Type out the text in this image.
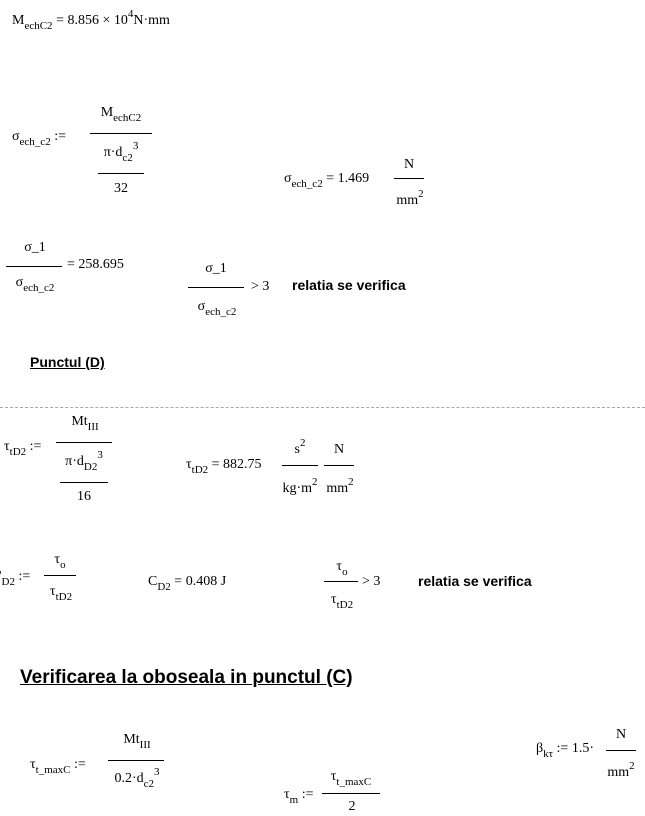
$M_{echC2} = 8.856 \times 10^4N\cdot mm$
$\sigma_{ech\_c2}$ :=
$M_{echC2}$
$\pi\cdot d_{c2}^3$
32
$\sigma_{ech\_c2} = 1.469$
N
$mm^2$
σ_1
$\sigma_{ech\_c2}$
= 258.695	σ_1
$\sigma_{ech\_c2}$
> 3 relatia se verifica
Punctul (D)
$\tau_{tD2}$ :=
$Mt_{III}$
$\pi\cdot d_{D2}^3$
16
$\tau_{tD2} = 882.75$
$s^2$
$kg\cdot m^2$
N
$mm^2$
$_{D2}$ :=
$\tau_o$
$\tau_{tD2}$
$C_{D2} = 0.408$ J
$\tau_o$
$\tau_{tD2}$
> 3	relatia se verifica
Verificarea la oboseala in punctul (C)
$\tau_{t\_maxC}$ :=
$Mt_{III}$
$0.2\cdot d_{c2}^3$
$\tau_m$ :=
$\tau_{t\_maxC}$
2
$\beta_{k\tau}$ := 1.5·
N
$mm^2$
